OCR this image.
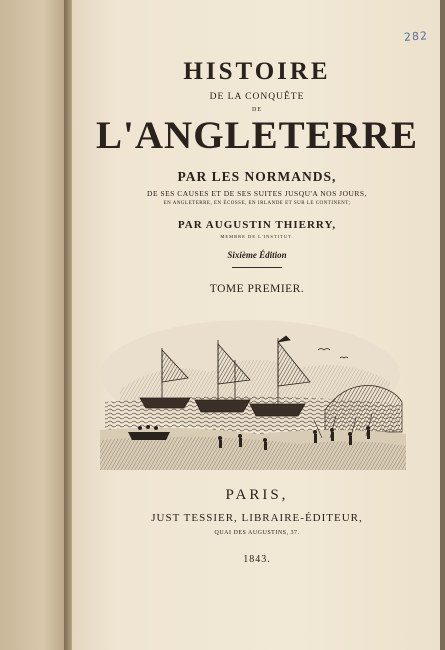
282
HISTOIRE
DE LA CONQUÊTE
DE
L'ANGLETERRE
PAR LES NORMANDS,
DE SES CAUSES ET DE SES SUITES JUSQU'A NOS JOURS,
EN ANGLETERRE, EN ÉCOSSE, EN IRLANDE ET SUR LE CONTINENT;
PAR AUGUSTIN THIERRY,
MEMBRE DE L'INSTITUT.
Sixième Édition
TOME PREMIER.
PARIS,
JUST TESSIER, LIBRAIRE-ÉDITEUR,
QUAI DES AUGUSTINS, 37.
1843.
